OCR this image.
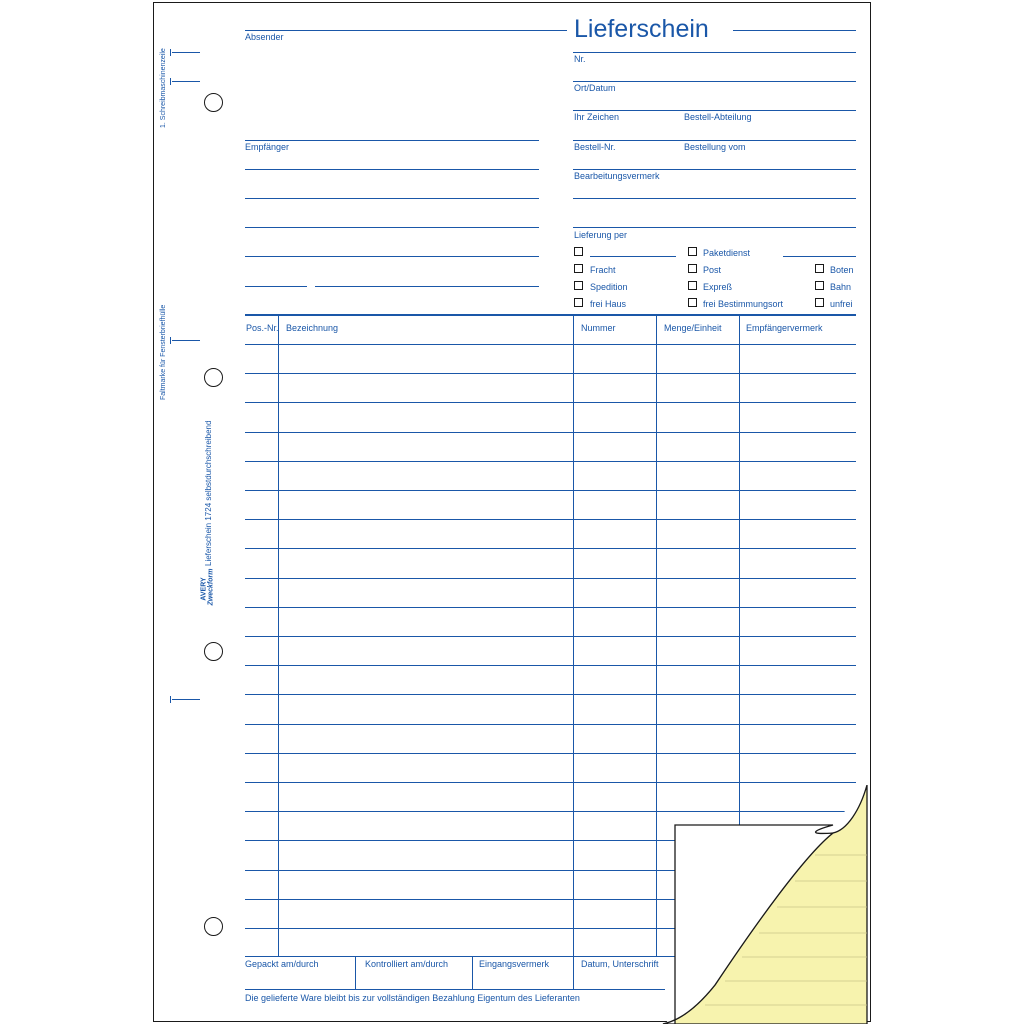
1. Schreibmaschinenzeile
Faltmarke für Fensterbriefhülle
Lieferschein 1724 selbstdurchschreibend
AVERY Zweckform
Absender
Empfänger
Lieferschein
Nr.
Ort/Datum
Ihr Zeichen	Bestell-Abteilung
Bestell-Nr.	Bestellung vom
Bearbeitungsvermerk
Lieferung per
Fracht
Spedition
frei Haus
Paketdienst
Post
Expreß
frei Bestimmungsort
Boten
Bahn
unfrei
Pos.-Nr. Bezeichnung	Nummer	Menge/Einheit	Empfängervermerk
Gepackt am/durch	Kontrolliert am/durch	Eingangsvermerk	Datum, Unterschrift
Die gelieferte Ware bleibt bis zur vollständigen Bezahlung Eigentum des Lieferanten
